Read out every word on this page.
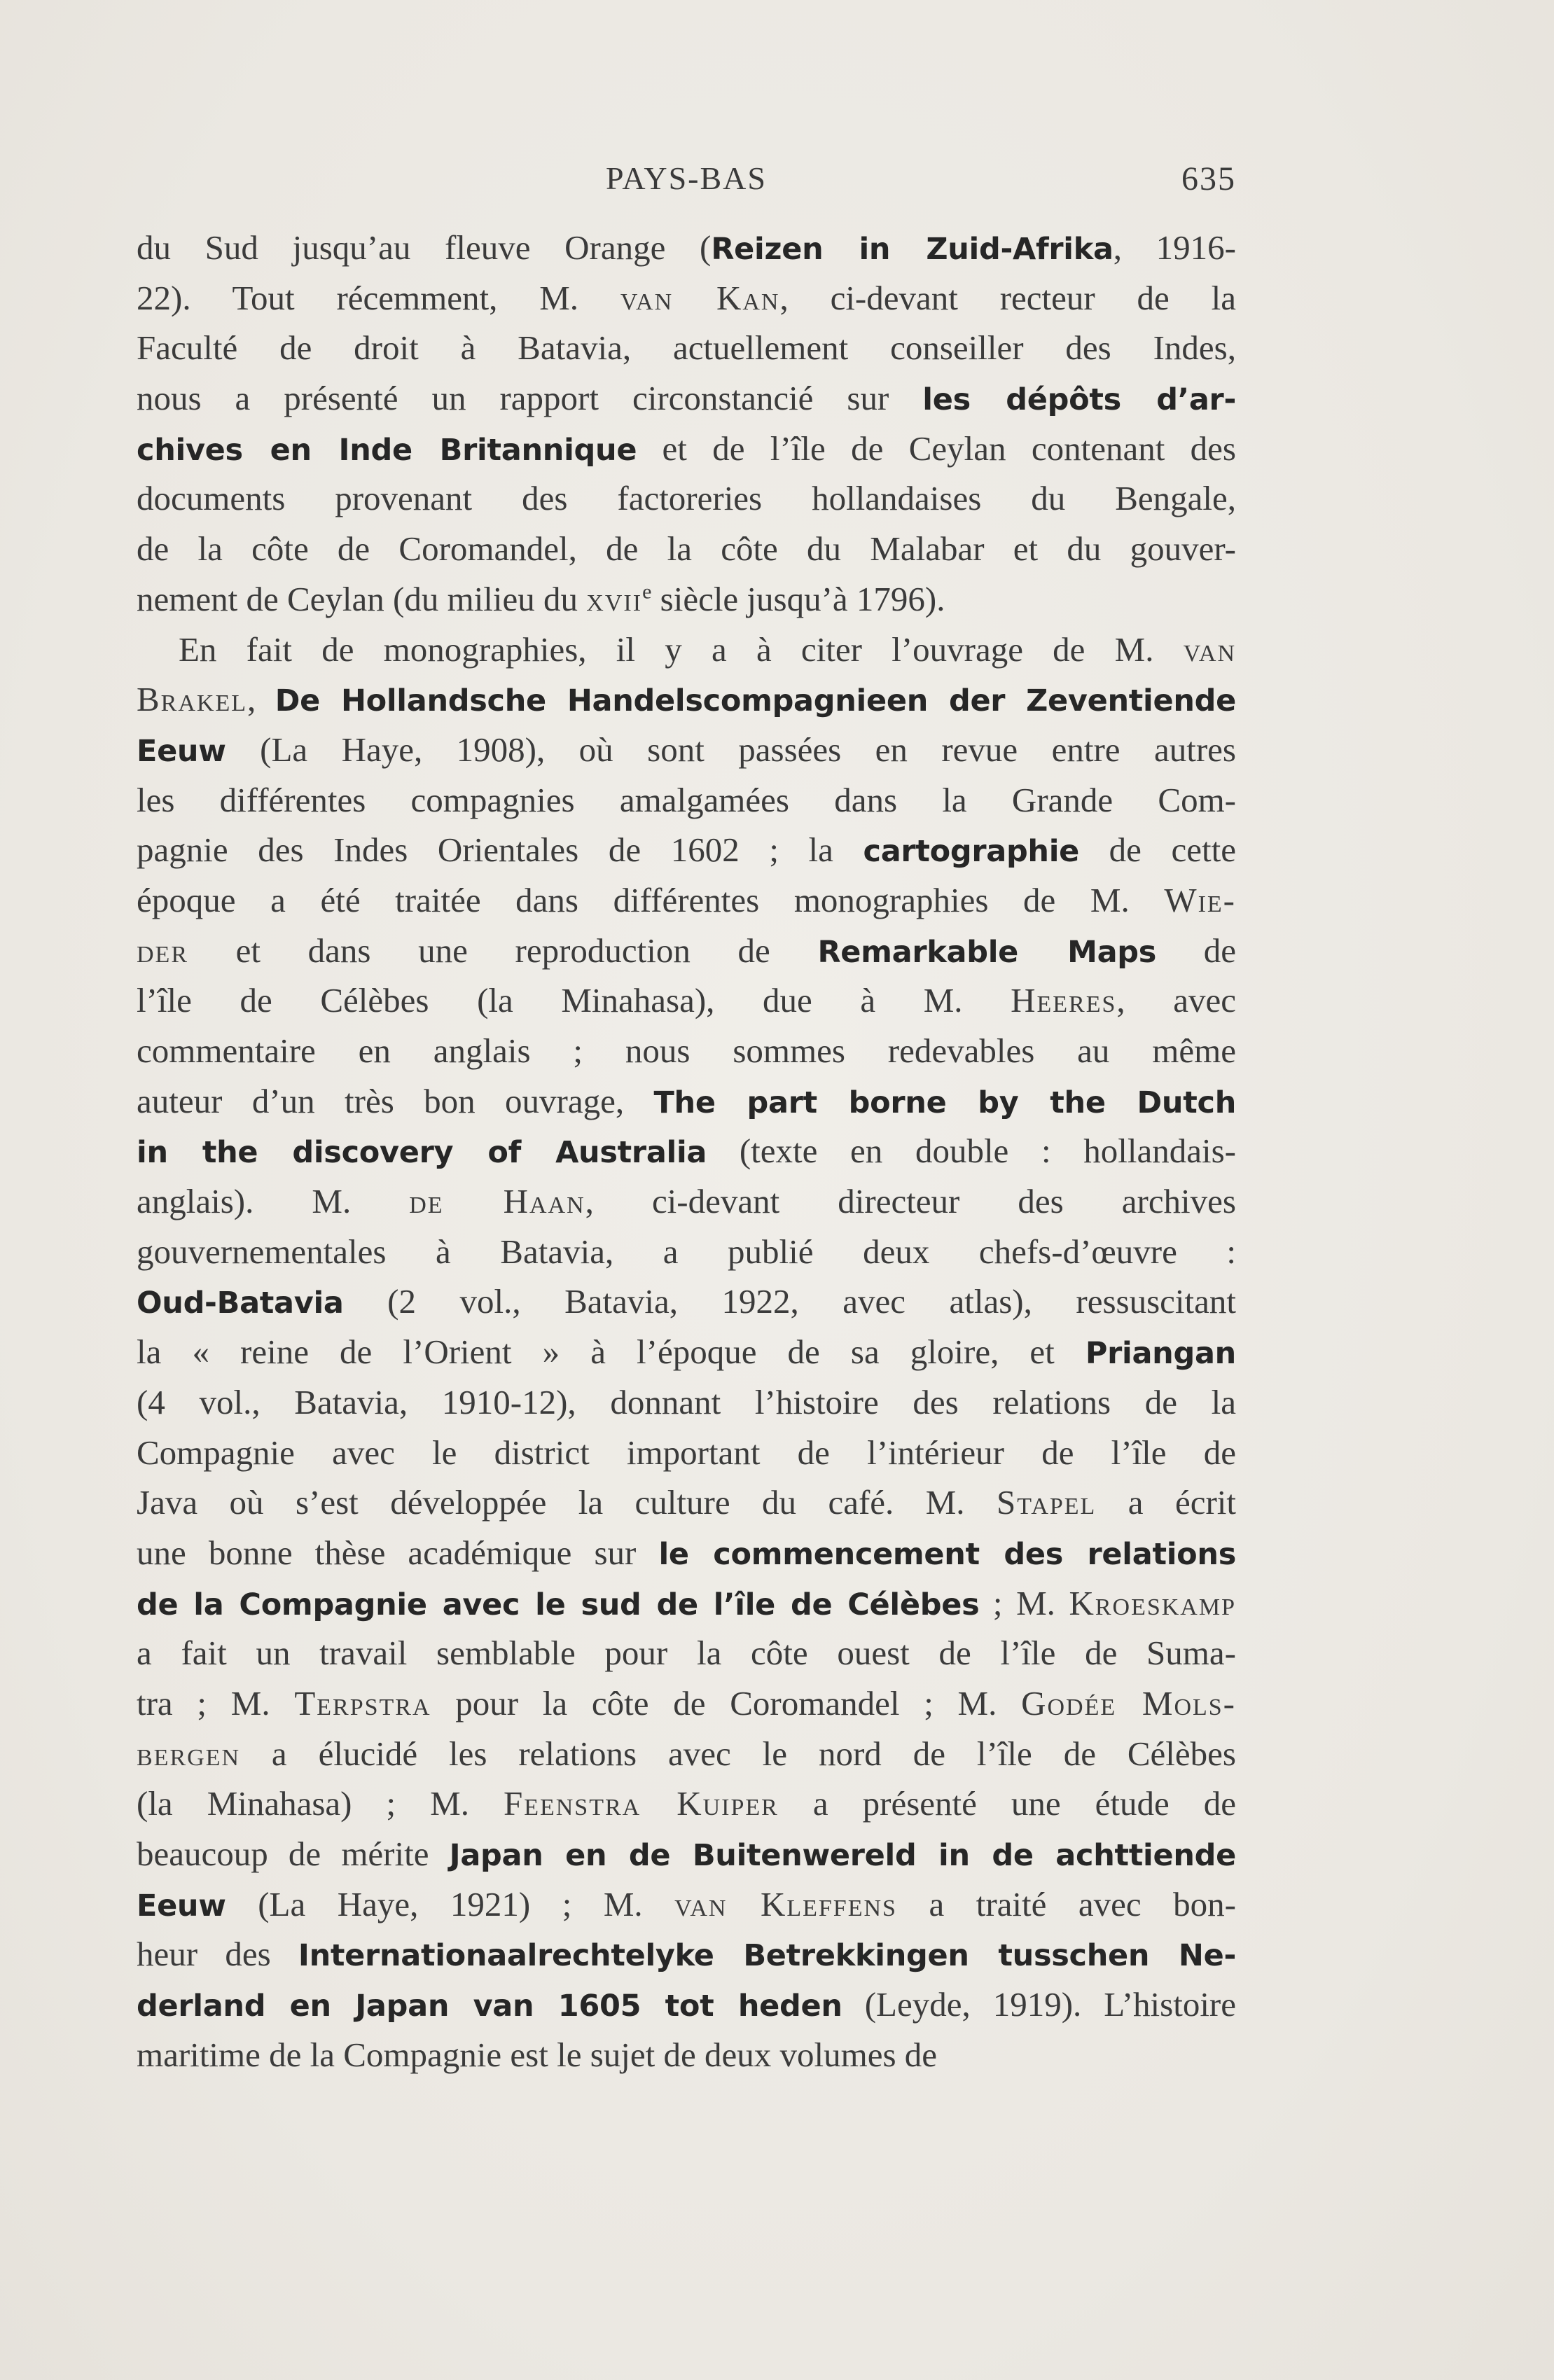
PAYS-BAS	635
du Sud jusqu’au fleuve Orange (Reizen in Zuid-Afrika, 1916-
22). Tout récemment, M. van Kan, ci-devant recteur de la
Faculté de droit à Batavia, actuellement conseiller des Indes,
nous a présenté un rapport circonstancié sur les dépôts d’ar-
chives en Inde Britannique et de l’île de Ceylan contenant des
documents provenant des factoreries hollandaises du Bengale,
de la côte de Coromandel, de la côte du Malabar et du gouver-
nement de Ceylan (du milieu du xvii$^e$ siècle jusqu’à 1796).
En fait de monographies, il y a à citer l’ouvrage de M. van
Brakel, De Hollandsche Handelscompagnieen der Zeventiende
Eeuw (La Haye, 1908), où sont passées en revue entre autres
les différentes compagnies amalgamées dans la Grande Com-
pagnie des Indes Orientales de 1602 ; la cartographie de cette
époque a été traitée dans différentes monographies de M. Wie-
der et dans une reproduction de Remarkable Maps de
l’île de Célèbes (la Minahasa), due à M. Heeres, avec
commentaire en anglais ; nous sommes redevables au même
auteur d’un très bon ouvrage, The part borne by the Dutch
in the discovery of Australia (texte en double : hollandais-
anglais). M. de Haan, ci-devant directeur des archives
gouvernementales à Batavia, a publié deux chefs-d’œuvre :
Oud-Batavia (2 vol., Batavia, 1922, avec atlas), ressuscitant
la « reine de l’Orient » à l’époque de sa gloire, et Priangan
(4 vol., Batavia, 1910-12), donnant l’histoire des relations de la
Compagnie avec le district important de l’intérieur de l’île de
Java où s’est développée la culture du café. M. Stapel a écrit
une bonne thèse académique sur le commencement des relations
de la Compagnie avec le sud de l’île de Célèbes ; M. Kroeskamp
a fait un travail semblable pour la côte ouest de l’île de Suma-
tra ; M. Terpstra pour la côte de Coromandel ; M. Godée Mols-
bergen a élucidé les relations avec le nord de l’île de Célèbes
(la Minahasa) ; M. Feenstra Kuiper a présenté une étude de
beaucoup de mérite Japan en de Buitenwereld in de achttiende
Eeuw (La Haye, 1921) ; M. van Kleffens a traité avec bon-
heur des Internationaalrechtelyke Betrekkingen tusschen Ne-
derland en Japan van 1605 tot heden (Leyde, 1919). L’histoire
maritime de la Compagnie est le sujet de deux volumes de
